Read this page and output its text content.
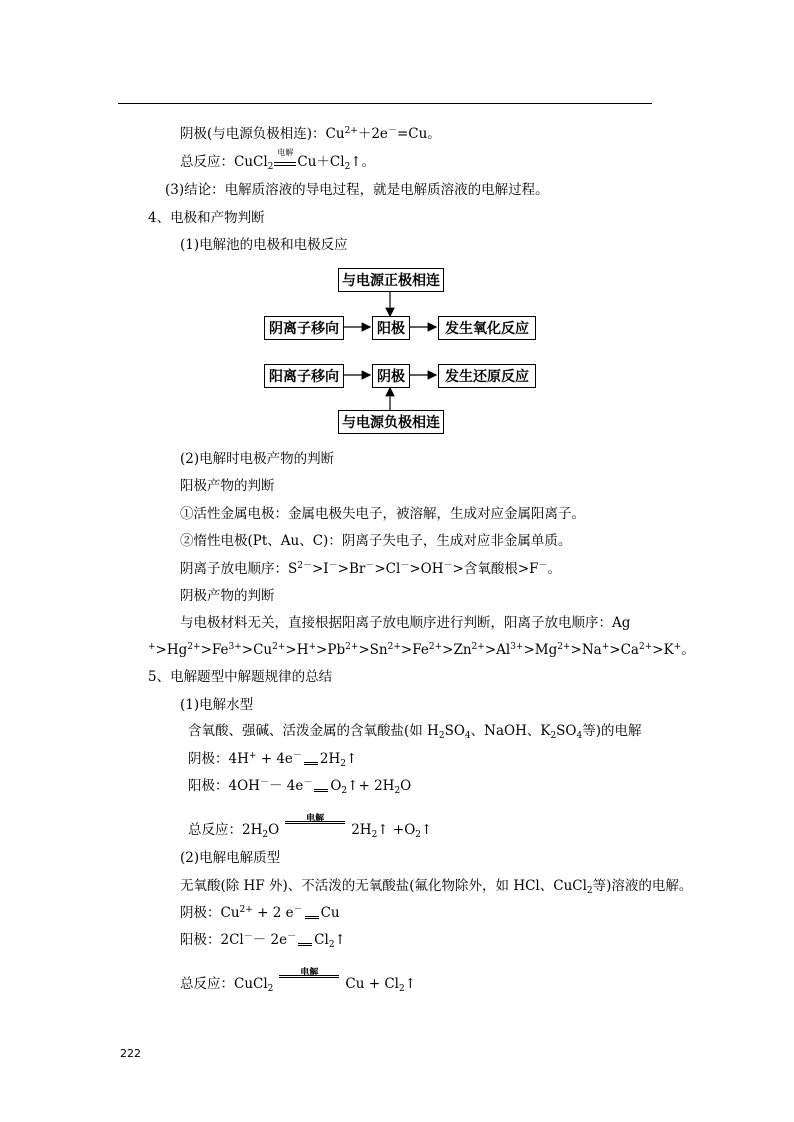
阴极(与电源负极相连)：$Cu^{2+}+2e^-=Cu$。
总反应：CuCl$_2$
电解
$Cu+Cl_2↑$。
(3)结论：电解质溶液的导电过程，就是电解质溶液的电解过程。
4、电极和产物判断
(1)电解池的电极和电极反应
与电源正极相连
阴离子移向	阳极	发生氧化反应
阳离子移向	阴极	发生还原反应
与电源负极相连
(2)电解时电极产物的判断
阳极产物的判断
①活性金属电极：金属电极失电子，被溶解，生成对应金属阳离子。
②惰性电极(Pt、Au、C)：阴离子失电子，生成对应非金属单质。
阴离子放电顺序：$S^{2-}>I^->Br^->Cl^->OH^->$含氧酸根>F－。
阴极产物的判断
与电极材料无关，直接根据阳离子放电顺序进行判断，阳离子放电顺序：Ag
$^+>Hg^{2+}>Fe^{3+}>Cu^{2+}>H^+>Pb^{2+}>Sn^{2+}>Fe^{2+}>Zn^{2+}>Al^{3+}>Mg^{2+}>Na^+>Ca^{2+}>K^+$。
5、电解题型中解题规律的总结
(1)电解水型
含氧酸、强碱、活泼金属的含氧酸盐(如 $H_2SO_4$、NaOH、$K_2SO_4$等)的电解
阴极：4H+ + 4e－ $2H_2↑$
阳极：4OH－－ 4e－ $O_2↑+ 2H_2O$
总反应：$2H_2O$
电解
$2H_2↑$ $+O_2↑$
(2)电解电解质型
无氧酸(除 HF 外)、不活泼的无氧酸盐(氟化物除外，如 HCl、CuCl$_2$等)溶液的电解。
阴极：$Cu^{2+} + 2$ e－ Cu
阳极：2Cl－－ 2e－ $Cl_2↑$
总反应：CuCl$_2$
电解
$Cu + Cl_2↑$
222
